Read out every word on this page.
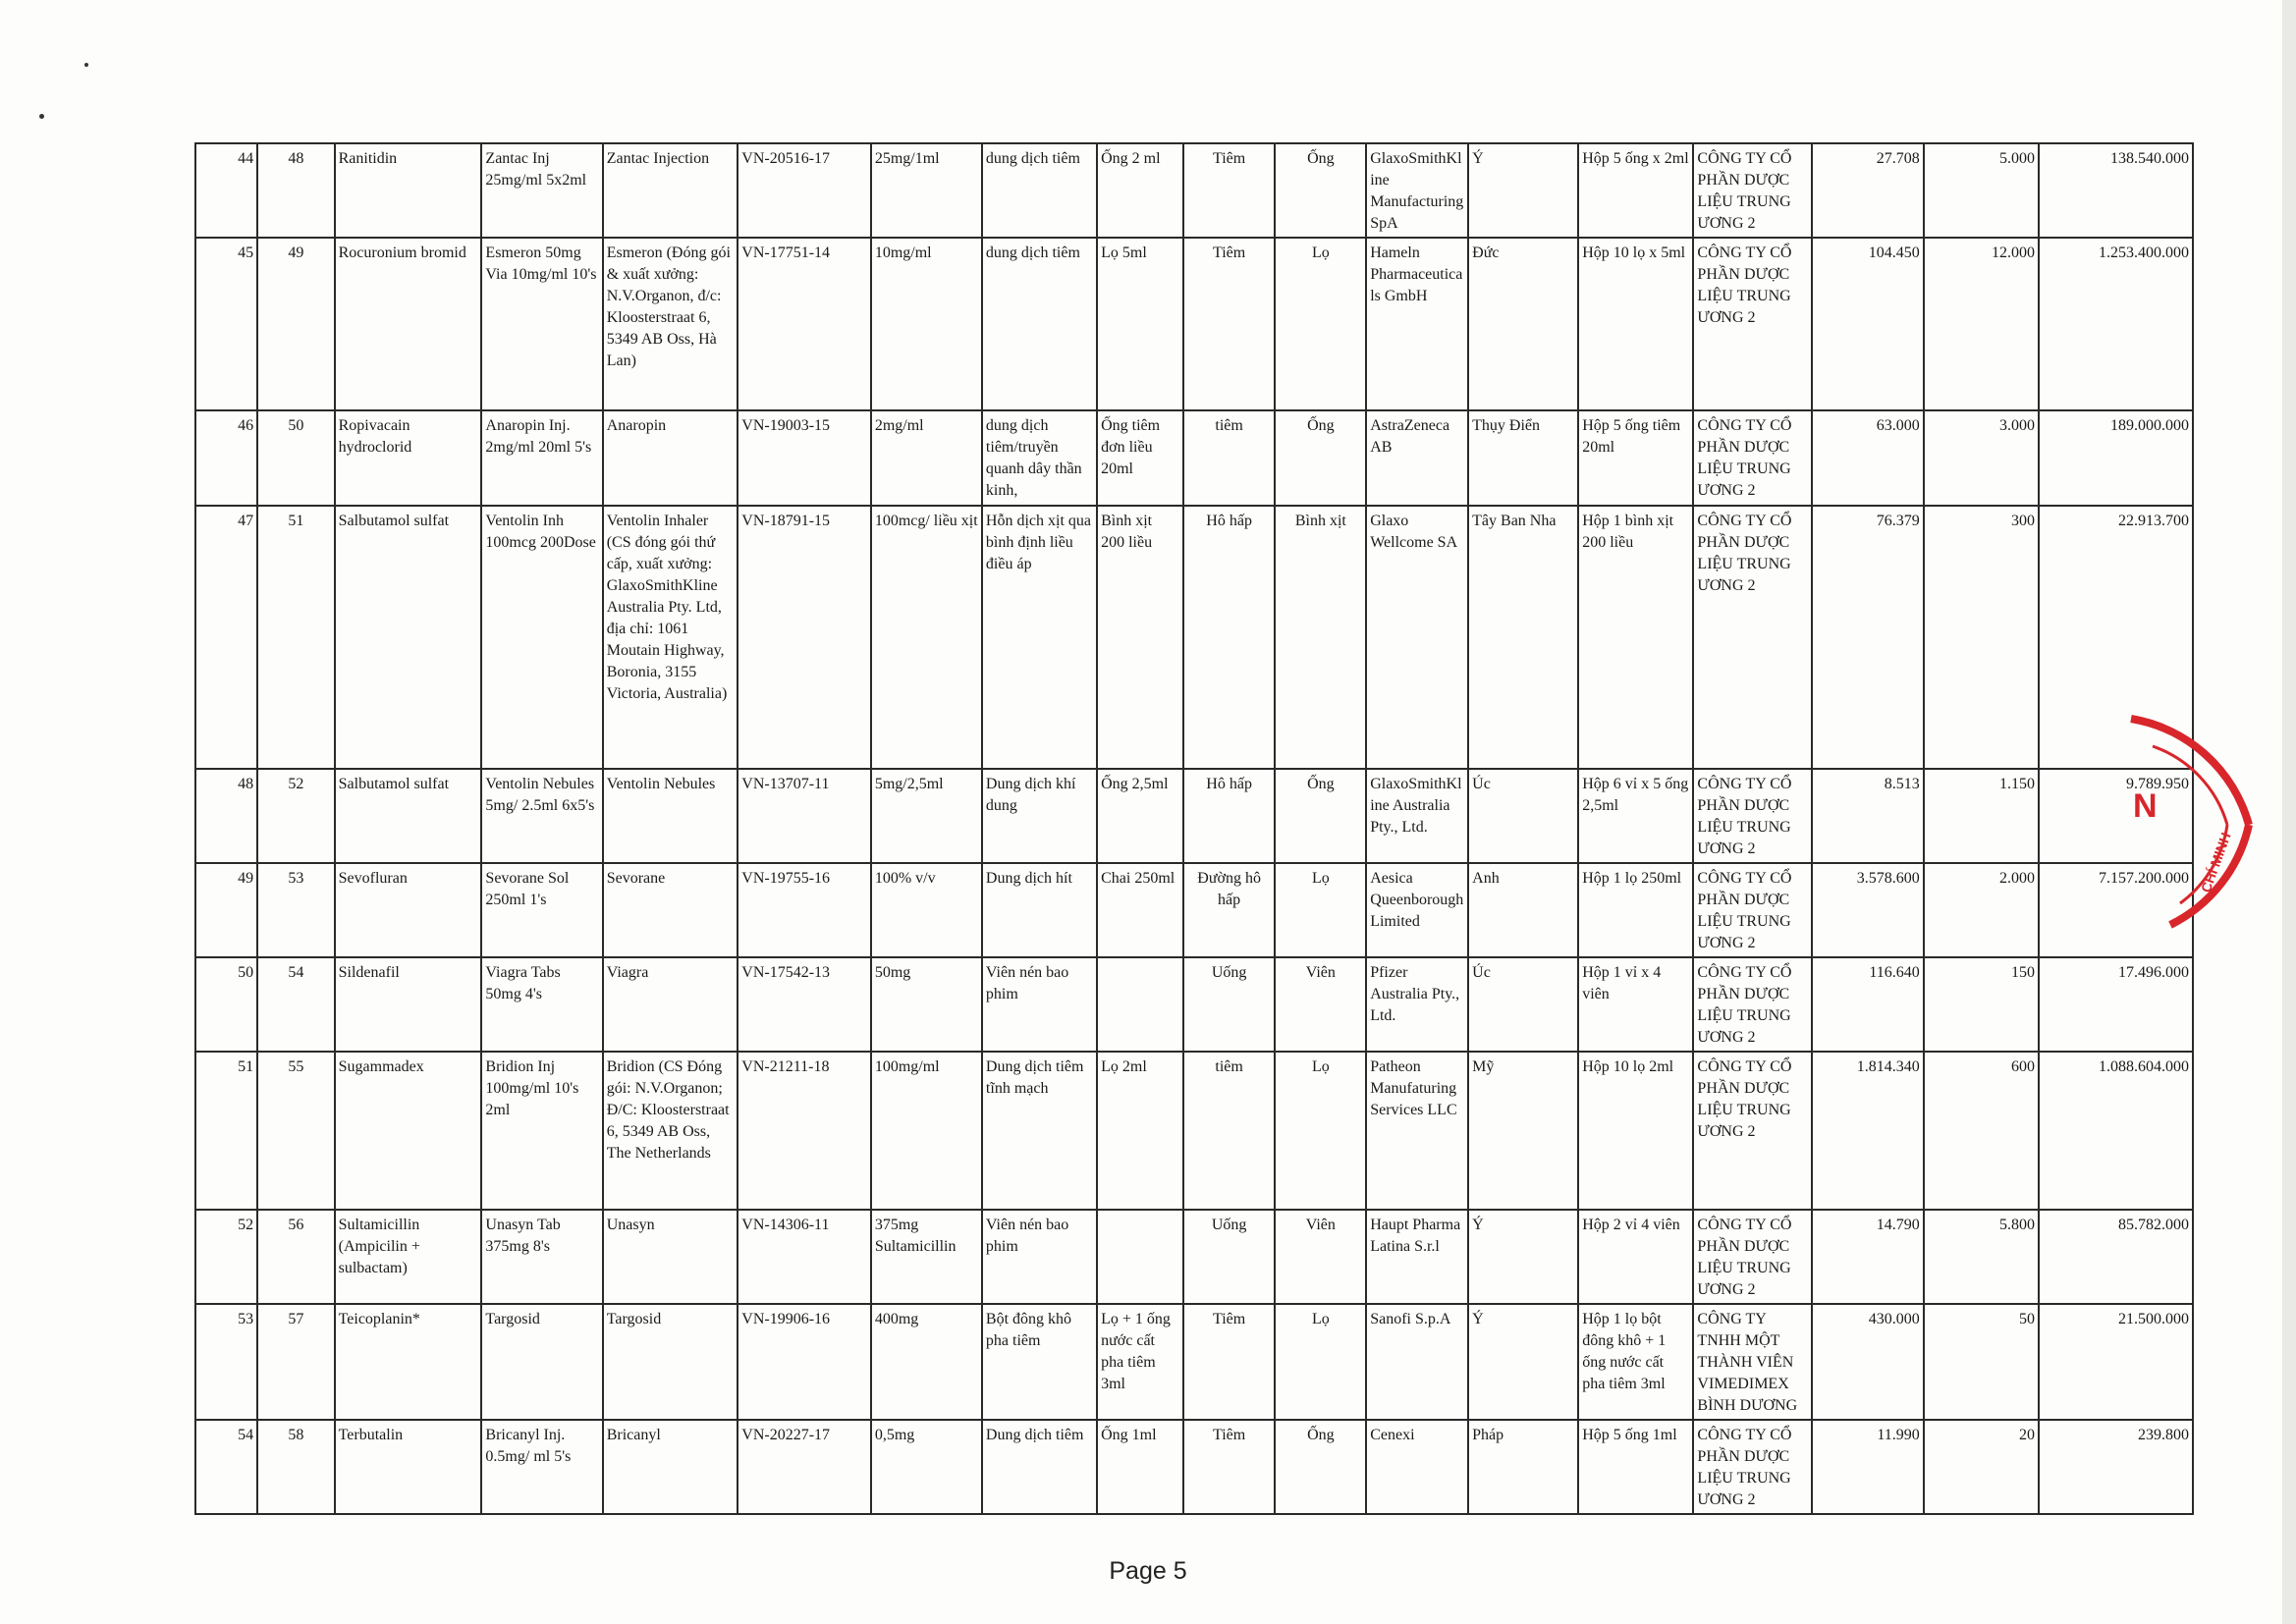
44	48	Ranitidin	Zantac Inj 25mg/ml 5x2ml	Zantac Injection	VN-20516-17	25mg/1ml	dung dịch tiêm	Ống 2 ml	Tiêm	Ống	GlaxoSmithKline Manufacturing SpA	Ý	Hộp 5 ống x 2ml	CÔNG TY CỔ PHẦN DƯỢC LIỆU TRUNG ƯƠNG 2	27.708	5.000	138.540.000
45	49	Rocuronium bromid	Esmeron 50mg Via 10mg/ml 10's	Esmeron (Đóng gói & xuất xưởng: N.V.Organon, đ/c: Kloosterstraat 6, 5349 AB Oss, Hà Lan)	VN-17751-14	10mg/ml	dung dịch tiêm	Lọ 5ml	Tiêm	Lọ	Hameln Pharmaceuticals GmbH	Đức	Hộp 10 lọ x 5ml	CÔNG TY CỔ PHẦN DƯỢC LIỆU TRUNG ƯƠNG 2	104.450	12.000	1.253.400.000
46	50	Ropivacain hydroclorid	Anaropin Inj. 2mg/ml 20ml 5's	Anaropin	VN-19003-15	2mg/ml	dung dịch tiêm/truyền quanh dây thần kinh,	Ống tiêm đơn liều 20ml	tiêm	Ống	AstraZeneca AB	Thụy Điển	Hộp 5 ống tiêm 20ml	CÔNG TY CỔ PHẦN DƯỢC LIỆU TRUNG ƯƠNG 2	63.000	3.000	189.000.000
47	51	Salbutamol sulfat	Ventolin Inh 100mcg 200Dose	Ventolin Inhaler (CS đóng gói thứ cấp, xuất xưởng: GlaxoSmithKline Australia Pty. Ltd, địa chỉ: 1061 Moutain Highway, Boronia, 3155 Victoria, Australia)	VN-18791-15	100mcg/ liều xịt	Hỗn dịch xịt qua bình định liều điều áp	Bình xịt 200 liều	Hô hấp	Bình xịt	Glaxo Wellcome SA	Tây Ban Nha	Hộp 1 bình xịt 200 liều	CÔNG TY CỔ PHẦN DƯỢC LIỆU TRUNG ƯƠNG 2	76.379	300	22.913.700
48	52	Salbutamol sulfat	Ventolin Nebules 5mg/ 2.5ml 6x5's	Ventolin Nebules	VN-13707-11	5mg/2,5ml	Dung dịch khí dung	Ống 2,5ml	Hô hấp	Ống	GlaxoSmithKline Australia Pty., Ltd.	Úc	Hộp 6 vỉ x 5 ống 2,5ml	CÔNG TY CỔ PHẦN DƯỢC LIỆU TRUNG ƯƠNG 2	8.513	1.150	9.789.950
49	53	Sevofluran	Sevorane Sol 250ml 1's	Sevorane	VN-19755-16	100% v/v	Dung dịch hít	Chai 250ml	Đường hô hấp	Lọ	Aesica Queenborough Limited	Anh	Hộp 1 lọ 250ml	CÔNG TY CỔ PHẦN DƯỢC LIỆU TRUNG ƯƠNG 2	3.578.600	2.000	7.157.200.000
50	54	Sildenafil	Viagra Tabs 50mg 4's	Viagra	VN-17542-13	50mg	Viên nén bao phim		Uống	Viên	Pfizer Australia Pty., Ltd.	Úc	Hộp 1 vỉ x 4 viên	CÔNG TY CỔ PHẦN DƯỢC LIỆU TRUNG ƯƠNG 2	116.640	150	17.496.000
51	55	Sugammadex	Bridion Inj 100mg/ml 10's 2ml	Bridion (CS Đóng gói: N.V.Organon; Đ/C: Kloosterstraat 6, 5349 AB Oss, The Netherlands	VN-21211-18	100mg/ml	Dung dịch tiêm tĩnh mạch	Lọ 2ml	tiêm	Lọ	Patheon Manufaturing Services LLC	Mỹ	Hộp 10 lọ 2ml	CÔNG TY CỔ PHẦN DƯỢC LIỆU TRUNG ƯƠNG 2	1.814.340	600	1.088.604.000
52	56	Sultamicillin (Ampicilin + sulbactam)	Unasyn Tab 375mg 8's	Unasyn	VN-14306-11	375mg Sultamicillin	Viên nén bao phim		Uống	Viên	Haupt Pharma Latina S.r.l	Ý	Hộp 2 vỉ 4 viên	CÔNG TY CỔ PHẦN DƯỢC LIỆU TRUNG ƯƠNG 2	14.790	5.800	85.782.000
53	57	Teicoplanin*	Targosid	Targosid	VN-19906-16	400mg	Bột đông khô pha tiêm	Lọ + 1 ống nước cất pha tiêm 3ml	Tiêm	Lọ	Sanofi S.p.A	Ý	Hộp 1 lọ bột đông khô + 1 ống nước cất pha tiêm 3ml	CÔNG TY TNHH MỘT THÀNH VIÊN VIMEDIMEX BÌNH DƯƠNG	430.000	50	21.500.000
54	58	Terbutalin	Bricanyl Inj. 0.5mg/ ml 5's	Bricanyl	VN-20227-17	0,5mg	Dung dịch tiêm	Ống 1ml	Tiêm	Ống	Cenexi	Pháp	Hộp 5 ống 1ml	CÔNG TY CỔ PHẦN DƯỢC LIỆU TRUNG ƯƠNG 2	11.990	20	239.800
N
CHÍ MINH
Page 5
